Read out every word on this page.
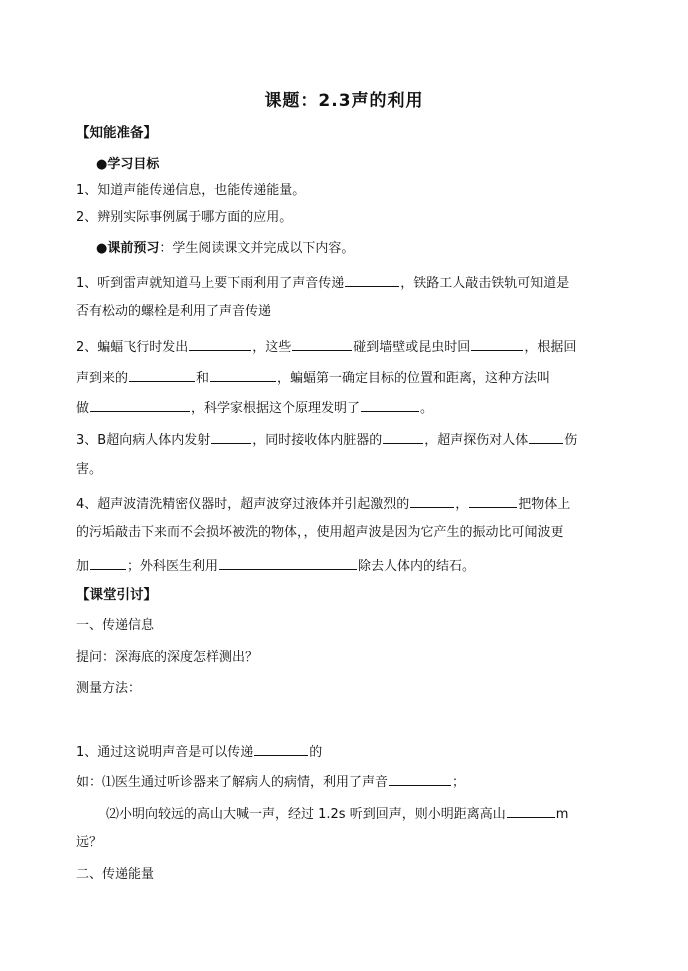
课题：2.3声的利用
【知能准备】
●学习目标
1、知道声能传递信息，也能传递能量。
2、辨别实际事例属于哪方面的应用。
●课前预习：学生阅读课文并完成以下内容。
1、听到雷声就知道马上要下雨利用了声音传递	，铁路工人敲击铁轨可知道是
否有松动的螺栓是利用了声音传递
2、蝙蝠飞行时发出	，这些	碰到墙壁或昆虫时回	，根据回
声到来的	和	，蝙蝠第一确定目标的位置和距离，这种方法叫
做	，科学家根据这个原理发明了	。
3、B超向病人体内发射	，同时接收体内脏器的	，超声探伤对人体	伤
害。
4、超声波清洗精密仪器时，超声波穿过液体并引起激烈的	，	把物体上
的污垢敲击下来而不会损坏被洗的物体，，使用超声波是因为它产生的振动比可闻波更
加	；外科医生利用	除去人体内的结石。
【课堂引讨】
一、传递信息
提问：深海底的深度怎样测出？
测量方法：
1、通过这说明声音是可以传递	的
如：⑴医生通过听诊器来了解病人的病情，利用了声音	；
⑵小明向较远的高山大喊一声，经过 1.2s 听到回声，则小明距离高山	m
远？
二、传递能量
